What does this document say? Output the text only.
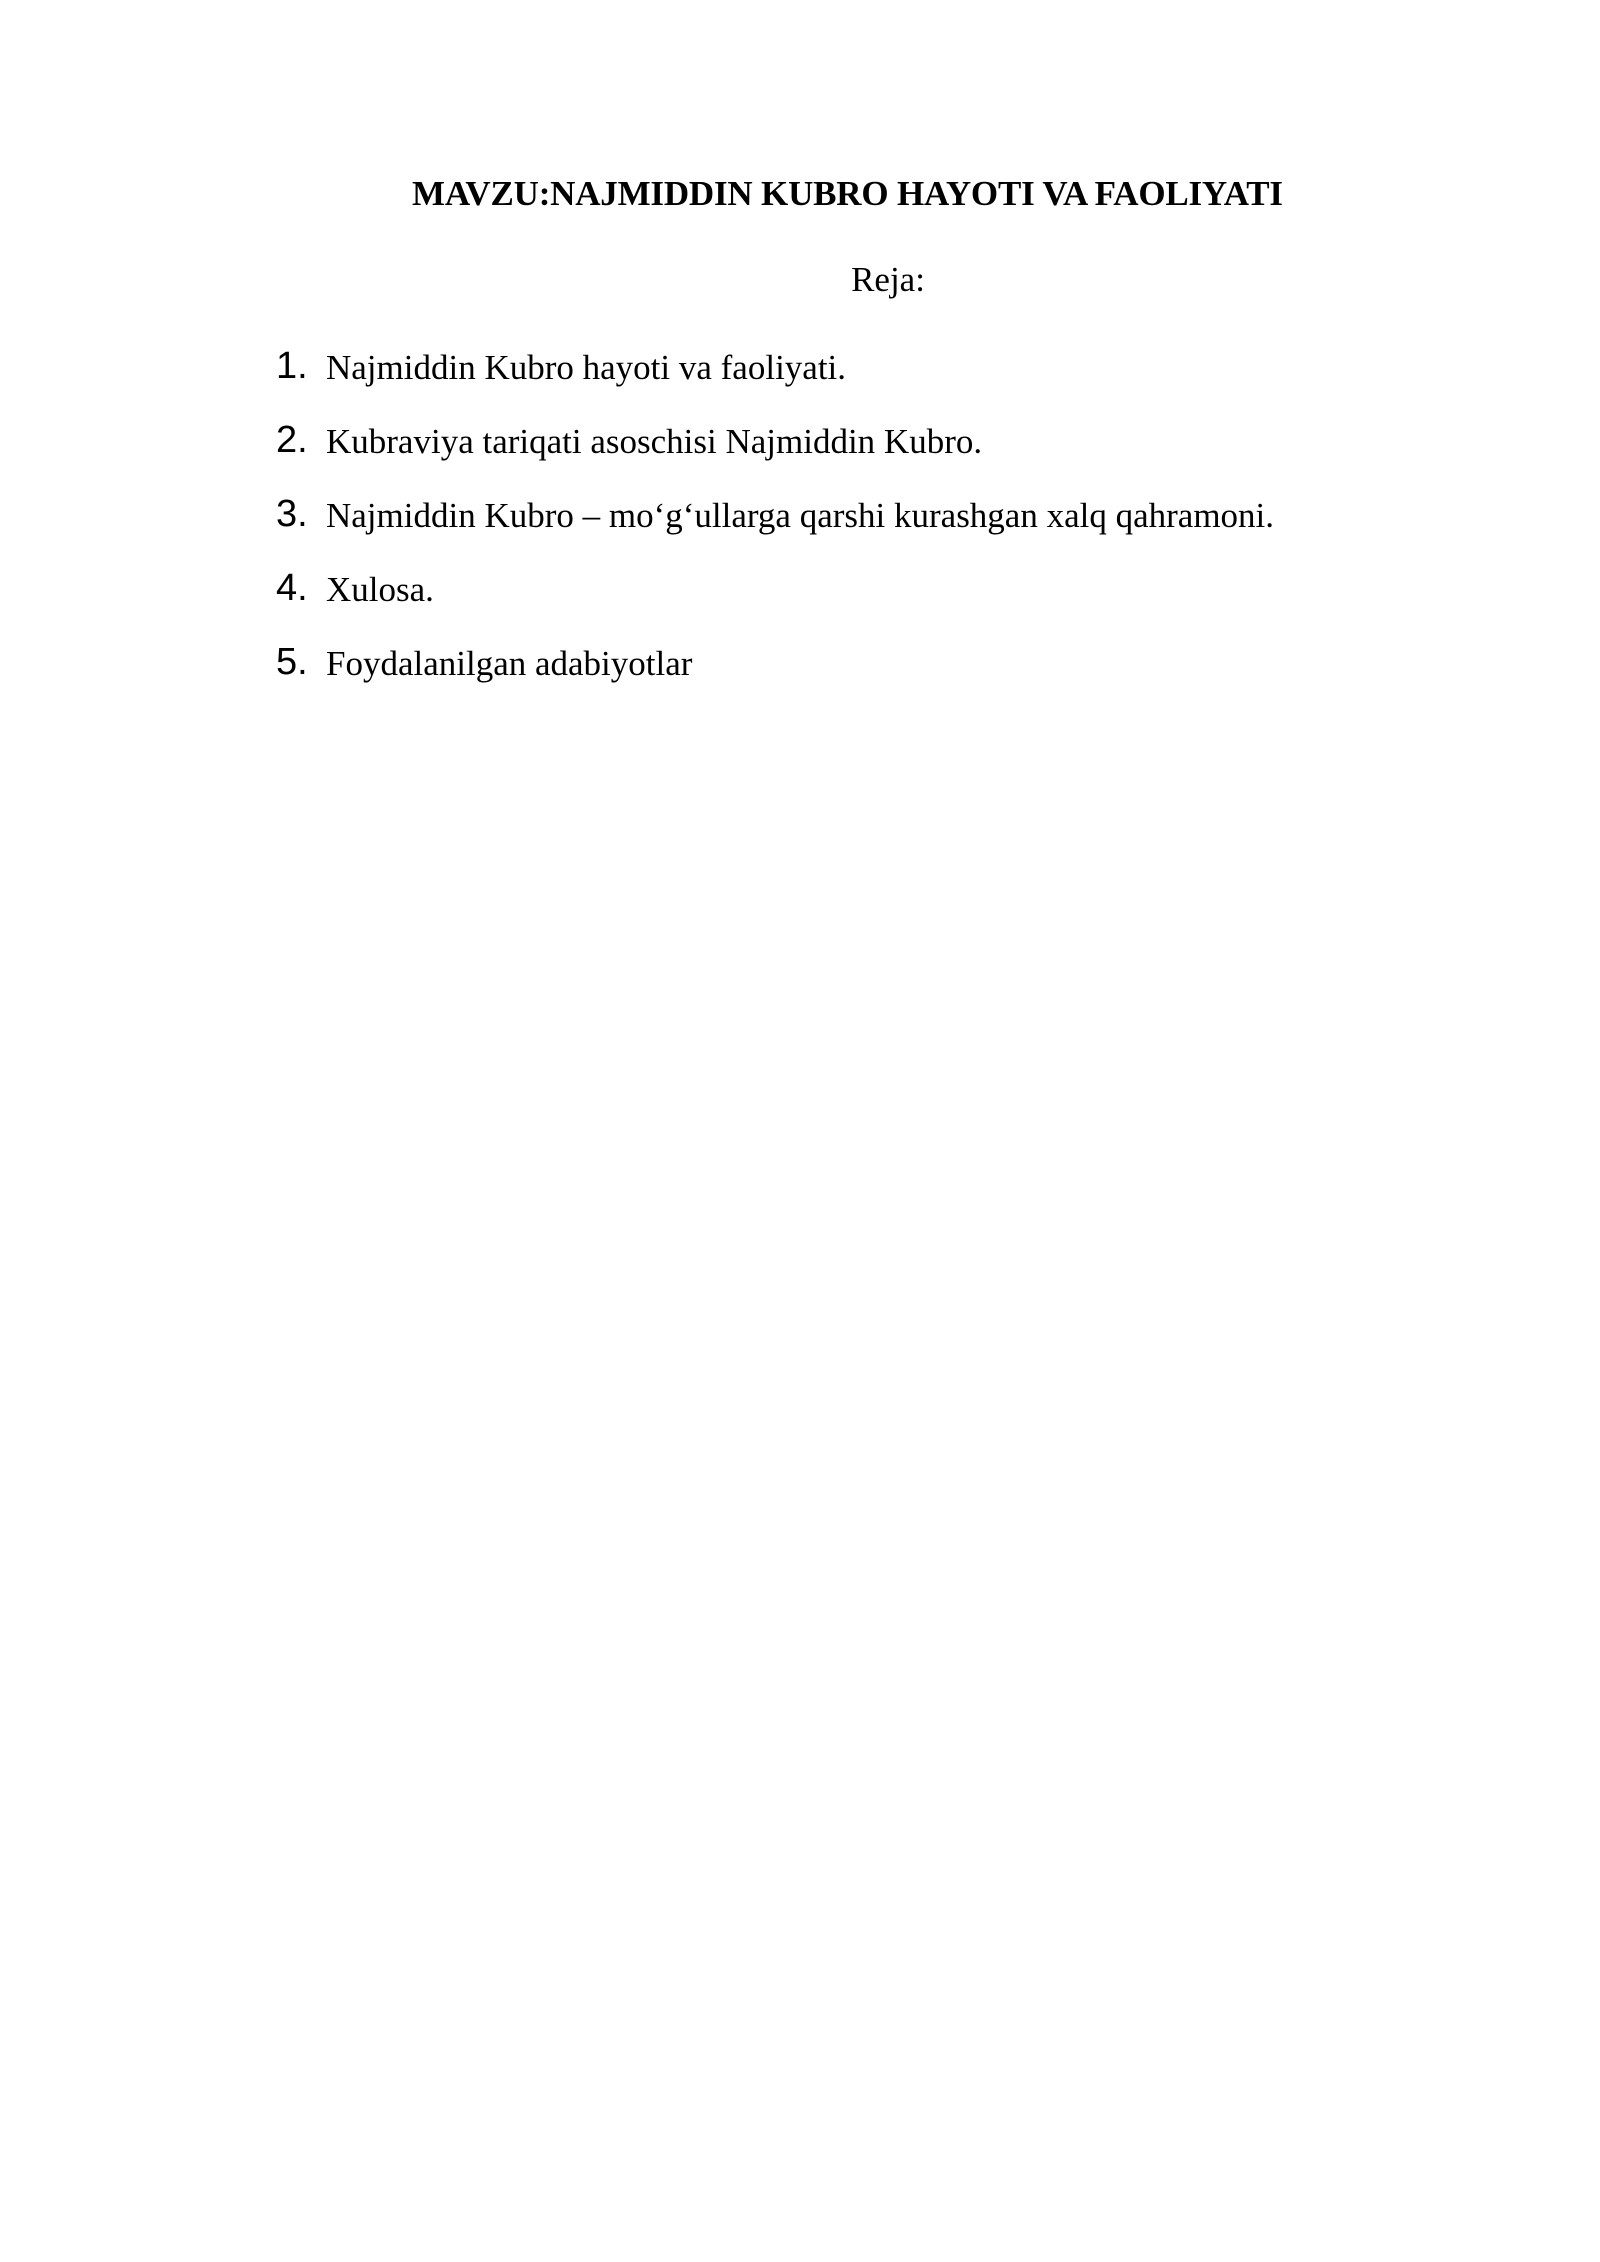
MAVZU:NAJMIDDIN KUBRO HAYOTI VA FAOLIYATI
Reja:
1. Najmiddin Kubro hayoti va faoliyati.
2. Kubraviya tariqati asoschisi Najmiddin Kubro.
3. Najmiddin Kubro – mo‘g‘ullarga qarshi kurashgan xalq qahramoni.
4. Xulosa.
5. Foydalanilgan adabiyotlar
